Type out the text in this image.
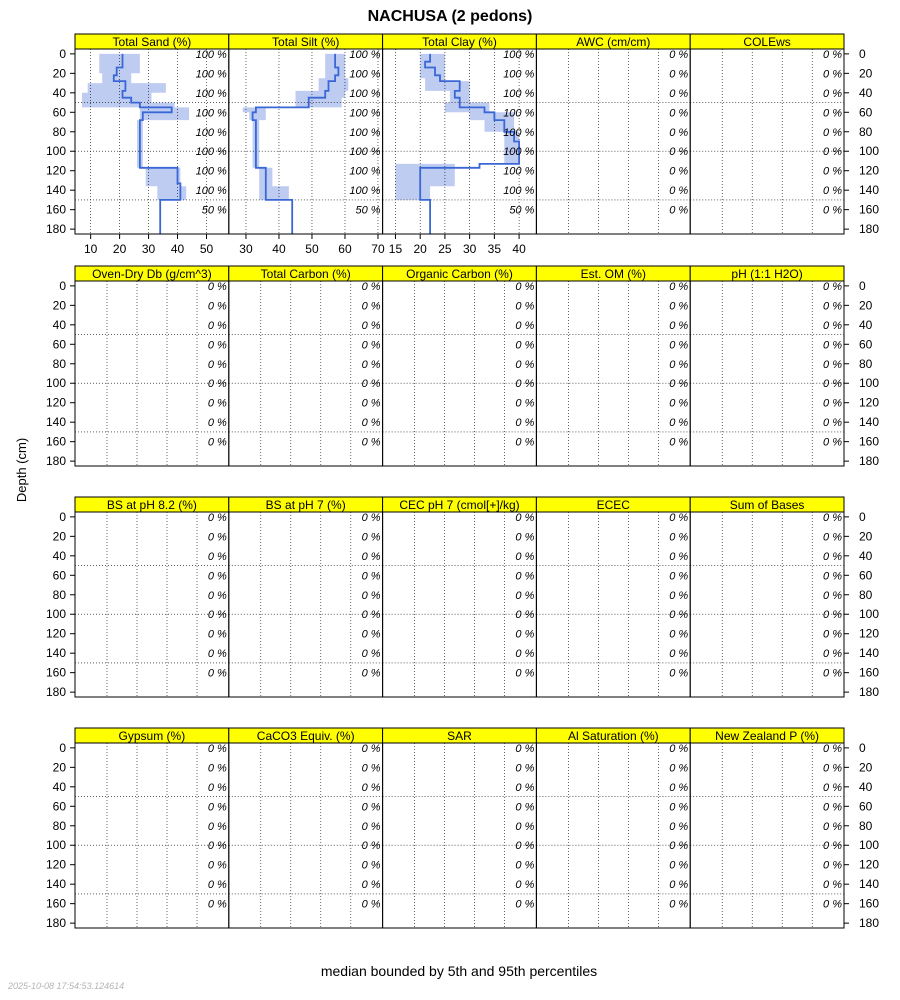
NACHUSA (2 pedons)
Total Sand (%)
100 %
100 %
100 %
100 %
100 %
100 %
100 %
100 %
50 %
10 20 30 40 50
Total Silt (%)
100 %
100 %
100 %
100 %
100 %
100 %
100 %
100 %
50 %
30 40 50 60 70
Total Clay (%)
100 %
100 %
100 %
100 %
100 %
100 %
100 %
100 %
50 %
15 20 25 30 35 40
AWC (cm/cm)
0 %
0 %
0 %
0 %
0 %
0 %
0 %
0 %
0 %
COLEws
0 %
0 %
0 %
0 %
0 %
0 %
0 %
0 %
0 %
0	0
20	20
40	40
60	60
80	80
100	100
120	120
140	140
160	160
180	180
Oven-Dry Db (g/cm^3)
0 %
0 %
0 %
0 %
0 %
0 %
0 %
0 %
0 %
Total Carbon (%)
0 %
0 %
0 %
0 %
0 %
0 %
0 %
0 %
0 %
Organic Carbon (%)
0 %
0 %
0 %
0 %
0 %
0 %
0 %
0 %
0 %
Est. OM (%)
0 %
0 %
0 %
0 %
0 %
0 %
0 %
0 %
0 %
pH (1:1 H2O)
0 %
0 %
0 %
0 %
0 %
0 %
0 %
0 %
0 %
0	0
20	20
40	40
60	60
80	80
100	100
120	120
140	140
160	160
180	180
BS at pH 8.2 (%)
0 %
0 %
0 %
0 %
0 %
0 %
0 %
0 %
0 %
BS at pH 7 (%)
0 %
0 %
0 %
0 %
0 %
0 %
0 %
0 %
0 %
CEC pH 7 (cmol[+]/kg)
0 %
0 %
0 %
0 %
0 %
0 %
0 %
0 %
0 %
ECEC
0 %
0 %
0 %
0 %
0 %
0 %
0 %
0 %
0 %
Sum of Bases
0 %
0 %
0 %
0 %
0 %
0 %
0 %
0 %
0 %
0	0
20	20
40	40
60	60
80	80
100	100
120	120
140	140
160	160
180	180
Gypsum (%)
0 %
0 %
0 %
0 %
0 %
0 %
0 %
0 %
0 %
CaCO3 Equiv. (%)
0 %
0 %
0 %
0 %
0 %
0 %
0 %
0 %
0 %
SAR
0 %
0 %
0 %
0 %
0 %
0 %
0 %
0 %
0 %
Al Saturation (%)
0 %
0 %
0 %
0 %
0 %
0 %
0 %
0 %
0 %
New Zealand P (%)
0 %
0 %
0 %
0 %
0 %
0 %
0 %
0 %
0 %
0	0
20	20
40	40
60	60
80	80
100	100
120	120
140	140
160	160
180	180
Depth (cm)
median bounded by 5th and 95th percentiles
2025-10-08 17:54:53.124614
